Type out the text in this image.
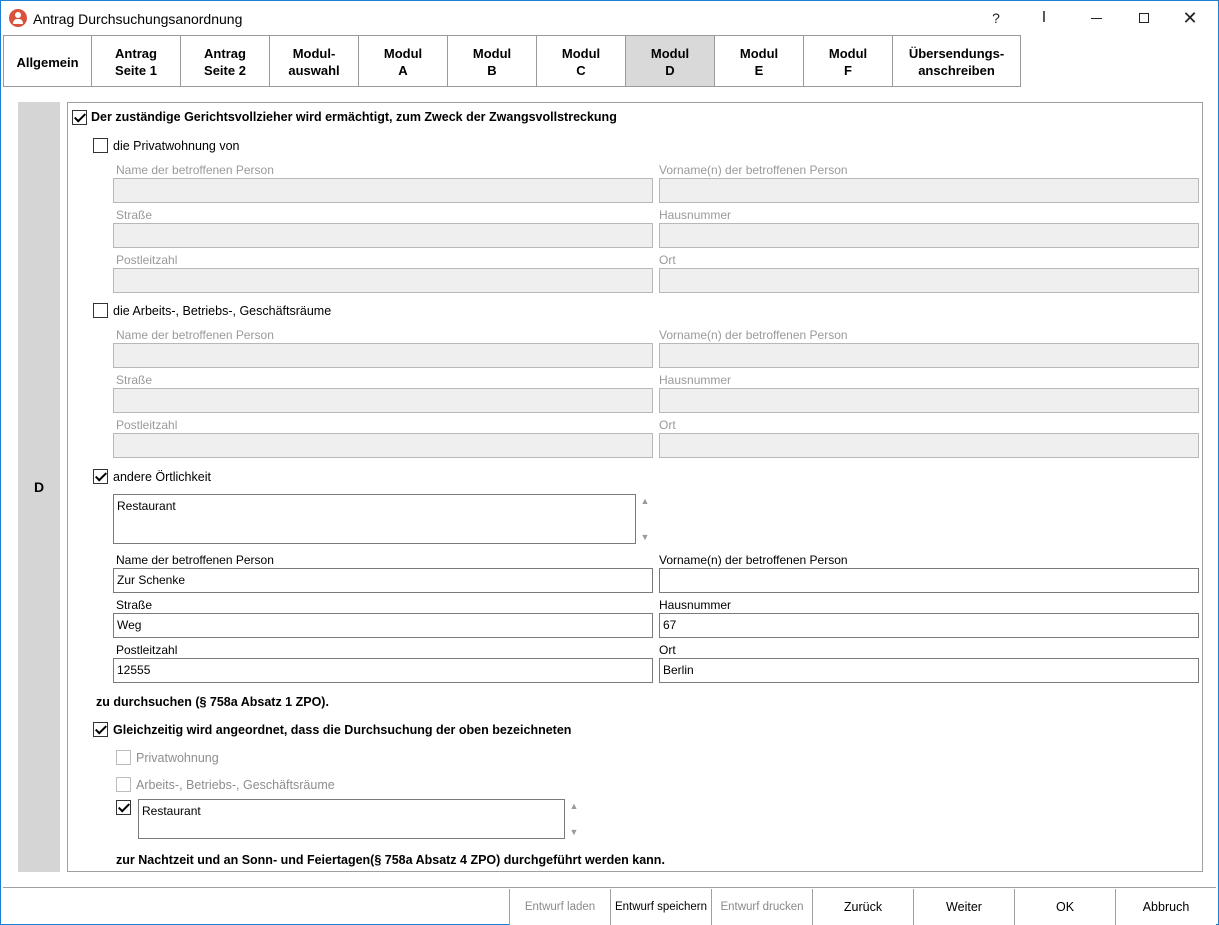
Antrag Durchsuchungsanordnung	?	I	✕
Allgemein
Antrag
Seite 1
Antrag
Seite 2
Modul-
auswahl
Modul
A
Modul
B
Modul
C
Modul
D
Modul
E
Modul
F
Übersendungs-
anschreiben
D
Der zuständige Gerichtsvollzieher wird ermächtigt, zum Zweck der Zwangsvollstreckung
die Privatwohnung von
Name der betroffenen Person	Vorname(n) der betroffenen Person
Straße	Hausnummer
Postleitzahl	Ort
die Arbeits-, Betriebs-, Geschäftsräume
Name der betroffenen Person	Vorname(n) der betroffenen Person
Straße	Hausnummer
Postleitzahl	Ort
andere Örtlichkeit
Restaurant	▲
▼
Name der betroffenen Person
Zur Schenke
Vorname(n) der betroffenen Person
Straße
Weg
Hausnummer
67
Postleitzahl
12555
Ort
Berlin
zu durchsuchen (§ 758a Absatz 1 ZPO).
Gleichzeitig wird angeordnet, dass die Durchsuchung der oben bezeichneten
Privatwohnung
Arbeits-, Betriebs-, Geschäftsräume
Restaurant	▲
▼
zur Nachtzeit und an Sonn- und Feiertagen(§ 758a Absatz 4 ZPO) durchgeführt werden kann.
Entwurf laden	Entwurf speichern	Entwurf drucken	Zurück	Weiter	OK	Abbruch
